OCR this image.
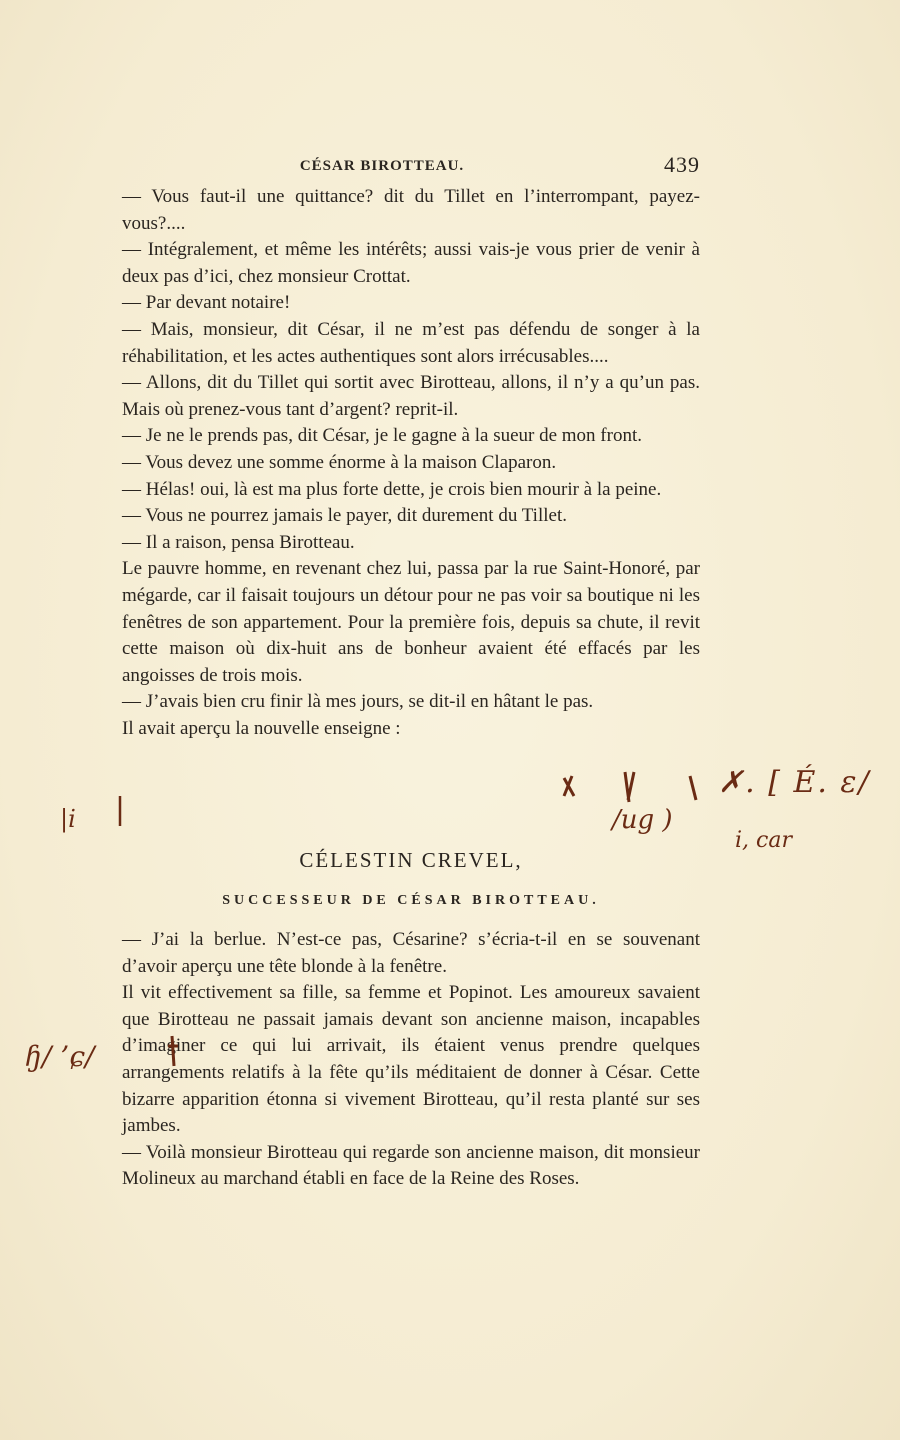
CÉSAR BIROTTEAU.	439

— Vous faut-il une quittance? dit du Tillet en l’interrompant, payez-vous?....

— Intégralement, et même les intérêts; aussi vais-je vous prier de venir à deux pas d’ici, chez monsieur Crottat.

— Par devant notaire!

— Mais, monsieur, dit César, il ne m’est pas défendu de songer à la réhabilitation, et les actes authentiques sont alors irrécusables....

— Allons, dit du Tillet qui sortit avec Birotteau, allons, il n’y a qu’un pas. Mais où prenez-vous tant d’argent? reprit-il.

— Je ne le prends pas, dit César, je le gagne à la sueur de mon front.

— Vous devez une somme énorme à la maison Claparon.

— Hélas! oui, là est ma plus forte dette, je crois bien mourir à la peine.

— Vous ne pourrez jamais le payer, dit durement du Tillet.

— Il a raison, pensa Birotteau.

Le pauvre homme, en revenant chez lui, passa par la rue Saint-Honoré, par mégarde, car il faisait toujours un détour pour ne pas voir sa boutique ni les fenêtres de son appartement. Pour la première fois, depuis sa chute, il revit cette maison où dix-huit ans de bonheur avaient été effacés par les angoisses de trois mois.

— J’avais bien cru finir là mes jours, se dit-il en hâtant le pas.

Il avait aperçu la nouvelle enseigne :

CÉLESTIN CREVEL,
SUCCESSEUR DE CÉSAR BIROTTEAU.

— J’ai la berlue. N’est-ce pas, Césarine? s’écria-t-il en se souvenant d’avoir aperçu une tête blonde à la fenêtre.

Il vit effectivement sa fille, sa femme et Popinot. Les amoureux savaient que Birotteau ne passait jamais devant son ancienne maison, incapables d’imaginer ce qui lui arrivait, ils étaient venus prendre quelques arrangements relatifs à la fête qu’ils méditaient de donner à César. Cette bizarre apparition étonna si vivement Birotteau, qu’il resta planté sur ses jambes.

— Voilà monsieur Birotteau qui regarde son ancienne maison, dit monsieur Molineux au marchand établi en face de la Reine des Roses.

✗. [ É. ɛ/
i, car
/ug )
|i
ɧ/ ’ɕ/
